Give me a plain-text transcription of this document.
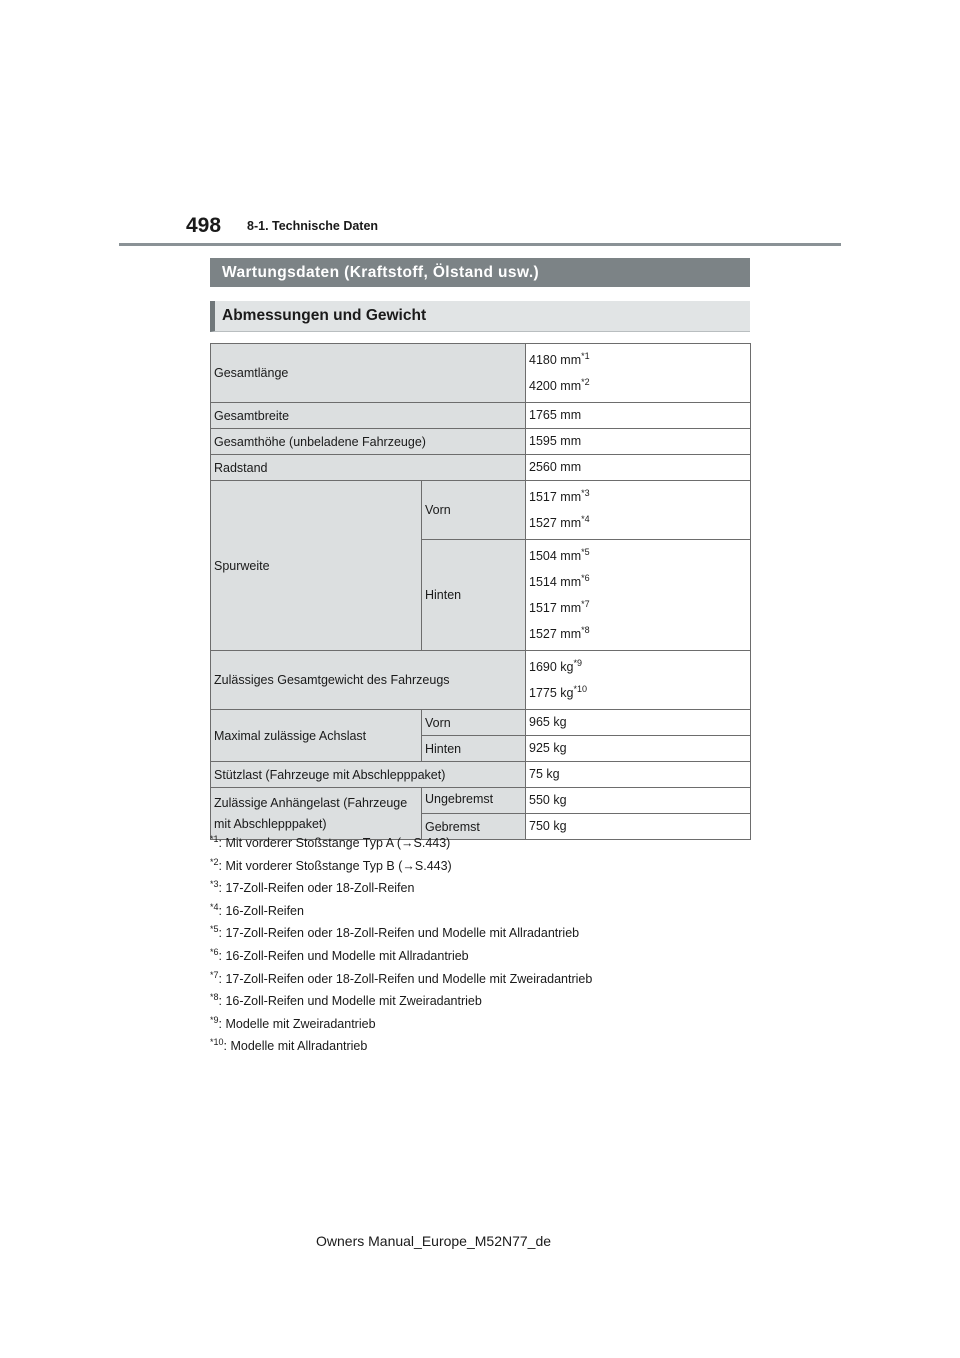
498 8-1. Technische Daten
Wartungsdaten (Kraftstoff, Ölstand usw.)
Abmessungen und Gewicht
Gesamtlänge		4180 $mm^{*1}$
4200 $mm^{*2}$

Gesamtbreite		1765 mm

Gesamthöhe (unbeladene Fahrzeuge)		1595 mm

Radstand		2560 mm

Spurweite	Vorn	1517 $mm^{*3}$
1527 $mm^{*4}$

	Hinten	1504 $mm^{*5}$
1514 $mm^{*6}$
1517 $mm^{*7}$
1527 $mm^{*8}$

Zulässiges Gesamtgewicht des Fahrzeugs		1690 $kg^{*9}$
1775 $kg^{*10}$

Maximal zulässige Achslast	Vorn	965 kg

	Hinten	925 kg

Stützlast (Fahrzeuge mit Abschlepppaket)		75 kg

Zulässige Anhängelast (Fahrzeuge mit Abschlepppaket)	Ungebremst	550 kg

	Gebremst	750 kg
$^{*1}$: Mit vorderer Stoßstange Typ A (→S.443)
$^{*2}$: Mit vorderer Stoßstange Typ B (→S.443)
$^{*3}$: 17-Zoll-Reifen oder 18-Zoll-Reifen
$^{*4}$: 16-Zoll-Reifen
$^{*5}$: 17-Zoll-Reifen oder 18-Zoll-Reifen und Modelle mit Allradantrieb
$^{*6}$: 16-Zoll-Reifen und Modelle mit Allradantrieb
$^{*7}$: 17-Zoll-Reifen oder 18-Zoll-Reifen und Modelle mit Zweiradantrieb
$^{*8}$: 16-Zoll-Reifen und Modelle mit Zweiradantrieb
$^{*9}$: Modelle mit Zweiradantrieb
$^{*10}$: Modelle mit Allradantrieb
Owners Manual_Europe_M52N77_de
